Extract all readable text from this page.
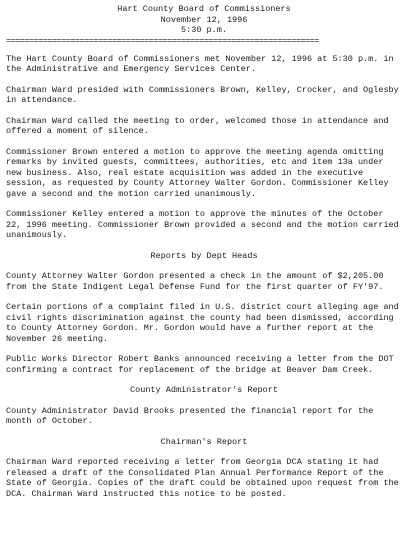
Hart County Board of Commissioners
November 12, 1996
5:30 p.m.
====================================================================
The Hart County Board of Commissioners met November 12, 1996 at 5:30 p.m. in the Administrative and Emergency Services Center.
Chairman Ward presided with Commissioners Brown, Kelley, Crocker, and Oglesby in attendance.
Chairman Ward called the meeting to order, welcomed those in attendance and offered a moment of silence.
Commissioner Brown entered a motion to approve the meeting agenda omitting remarks by invited guests, committees, authorities, etc and item 13a under new business. Also, real estate acquisition was added in the executive session, as requested by County Attorney Walter Gordon. Commissioner Kelley gave a second and the motion carried unanimously.
Commissioner Kelley entered a motion to approve the minutes of the October 22, 1996 meeting. Commissioner Brown provided a second and the motion carried unanimously.
Reports by Dept Heads
County Attorney Walter Gordon presented a check in the amount of $2,205.00 from the State Indigent Legal Defense Fund for the first quarter of FY'97.
Certain portions of a complaint filed in U.S. district court alleging age and civil rights discrimination against the county had been dismissed, according to County Attorney Gordon. Mr. Gordon would have a further report at the November 26 meeting.
Public Works Director Robert Banks announced receiving a letter from the DOT confirming a contract for replacement of the bridge at Beaver Dam Creek.
County Administrator's Report
County Administrator David Brooks presented the financial report for the month of October.
Chairman's Report
Chairman Ward reported receiving a letter from Georgia DCA stating it had released a draft of the Consolidated Plan Annual Performance Report of the State of Georgia. Copies of the draft could be obtained upon request from the DCA. Chairman Ward instructed this notice to be posted.
